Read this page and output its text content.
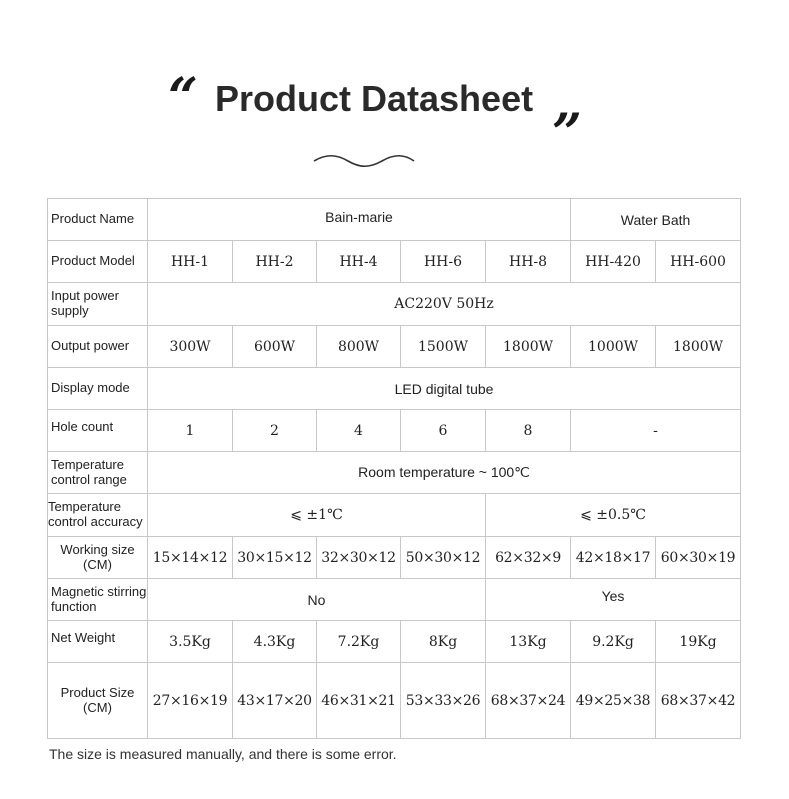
“ Product Datasheet
”
Product Name	Bain-marie					Water Bath	
Product Model	HH-1	HH-2	HH-4	HH-6	HH-8	HH-420	HH-600
Input power supply	AC220V 50Hz						
Output power	300W	600W	800W	1500W	1800W	1000W	1800W
Display mode	LED digital tube						
Hole count	1	2	4	6	8	-	
Temperature control range	Room temperature ~ 100℃						
Temperature control accuracy	⩽ ±1℃				⩽ ±0.5℃		
Working size (CM)	15×14×12	30×15×12	32×30×12	50×30×12	62×32×9	42×18×17	60×30×19
Magnetic stirring function	No				Yes		
Net Weight	3.5Kg	4.3Kg	7.2Kg	8Kg	13Kg	9.2Kg	19Kg
Product Size (CM)	27×16×19	43×17×20	46×31×21	53×33×26	68×37×24	49×25×38	68×37×42
The size is measured manually, and there is some error.
